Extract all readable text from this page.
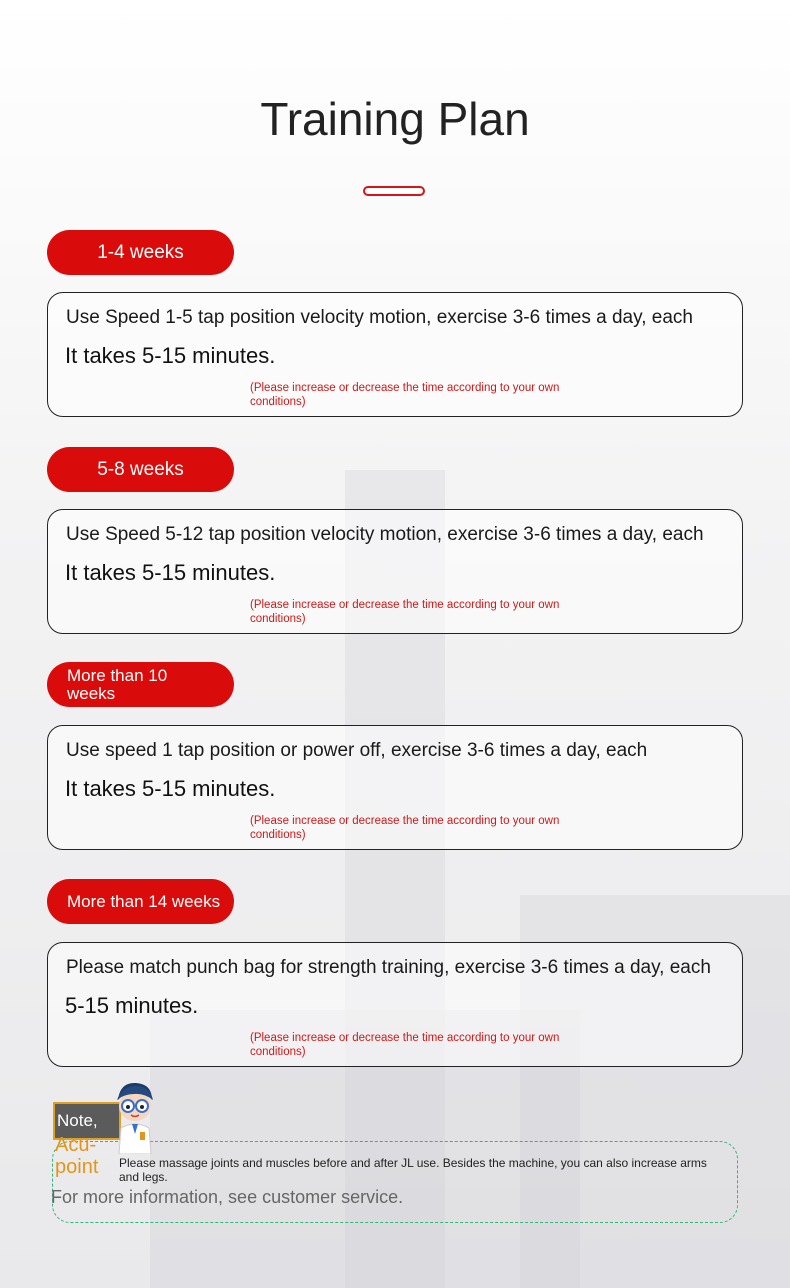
Training Plan
1-4 weeks
Use Speed 1-5 tap position velocity motion, exercise 3-6 times a day, each
It takes 5-15 minutes.
(Please increase or decrease the time according to your own conditions)
5-8 weeks
Use Speed 5-12 tap position velocity motion, exercise 3-6 times a day, each
It takes 5-15 minutes.
(Please increase or decrease the time according to your own conditions)
More than 10 weeks
Use speed 1 tap position or power off, exercise 3-6 times a day, each
It takes 5-15 minutes.
(Please increase or decrease the time according to your own conditions)
More than 14 weeks
Please match punch bag for strength training, exercise 3-6 times a day, each
5-15 minutes.
(Please increase or decrease the time according to your own conditions)
Note,
Acu-point	Please massage joints and muscles before and after JL use. Besides the machine, you can also increase arms and legs.
For more information, see customer service.
